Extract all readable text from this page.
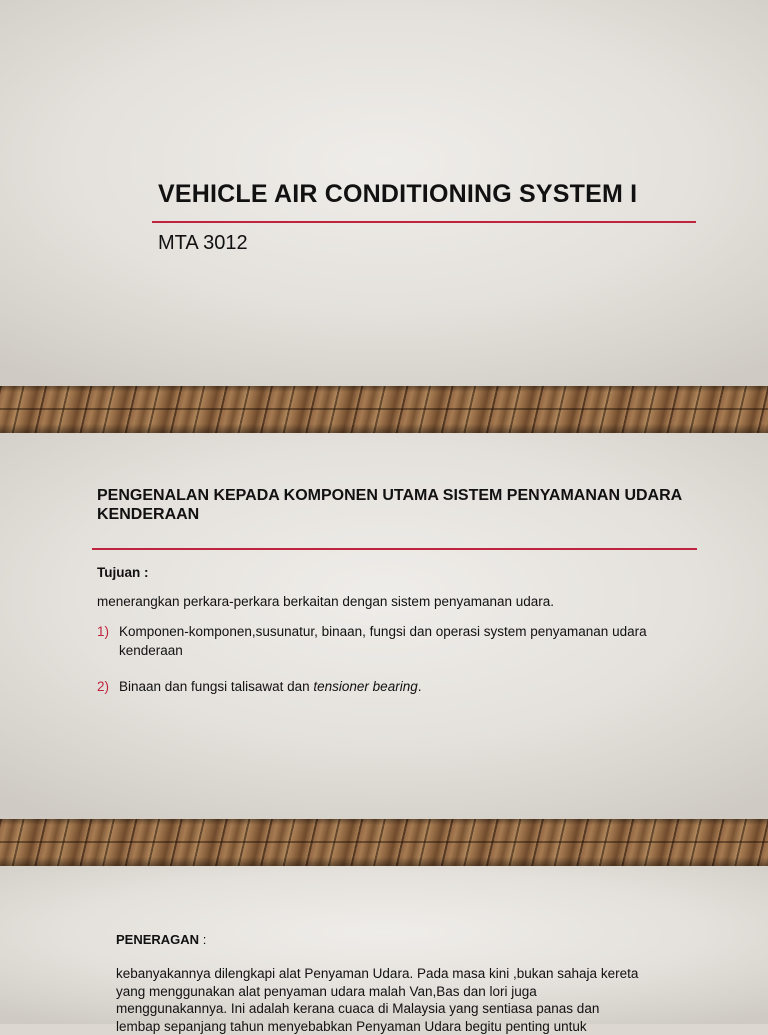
VEHICLE AIR CONDITIONING SYSTEM I

MTA 3012

PENGENALAN KEPADA KOMPONEN UTAMA SISTEM PENYAMANAN UDARA KENDERAAN

Tujuan :

menerangkan perkara-perkara berkaitan dengan sistem penyamanan udara.

1) Komponen-komponen,susunatur, binaan, fungsi dan operasi system penyamanan udara kenderaan
2) Binaan dan fungsi talisawat dan tensioner bearing.

PENERAGAN :

kebanyakannya dilengkapi alat Penyaman Udara. Pada masa kini ,bukan sahaja kereta yang menggunakan alat penyaman udara malah Van,Bas dan lori juga menggunakannya. Ini adalah kerana cuaca di Malaysia yang sentiasa panas dan lembap sepanjang tahun menyebabkan Penyaman Udara begitu penting untuk
